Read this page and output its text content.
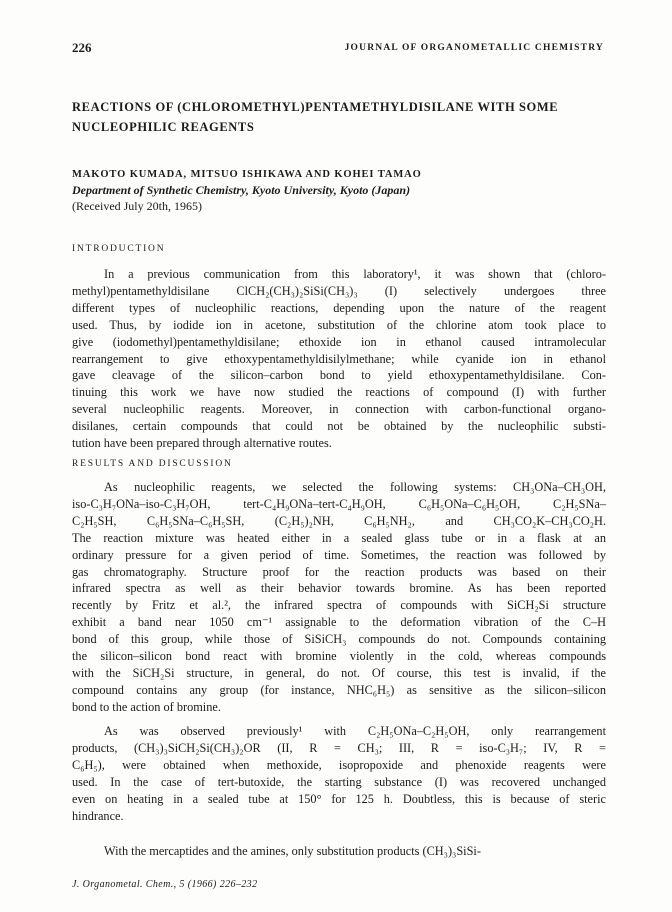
226	JOURNAL OF ORGANOMETALLIC CHEMISTRY
REACTIONS OF (CHLOROMETHYL)PENTAMETHYLDISILANE WITH SOME
NUCLEOPHILIC REAGENTS
MAKOTO KUMADA, MITSUO ISHIKAWA AND KOHEI TAMAO
Department of Synthetic Chemistry, Kyoto University, Kyoto (Japan)
(Received July 20th, 1965)
INTRODUCTION
In a previous communication from this laboratory¹, it was shown that (chloro-
methyl)pentamethyldisilane ClCH₂(CH₃)₂SiSi(CH₃)₃ (I) selectively undergoes three
different types of nucleophilic reactions, depending upon the nature of the reagent
used. Thus, by iodide ion in acetone, substitution of the chlorine atom took place to
give (iodomethyl)pentamethyldisilane; ethoxide ion in ethanol caused intramolecular
rearrangement to give ethoxypentamethyldisilylmethane; while cyanide ion in ethanol
gave cleavage of the silicon–carbon bond to yield ethoxypentamethyldisilane. Con-
tinuing this work we have now studied the reactions of compound (I) with further
several nucleophilic reagents. Moreover, in connection with carbon-functional organo-
disilanes, certain compounds that could not be obtained by the nucleophilic substi-
tution have been prepared through alternative routes.
RESULTS AND DISCUSSION
As nucleophilic reagents, we selected the following systems: CH₃ONa–CH₃OH,
iso-C₃H₇ONa–iso-C₃H₇OH, tert-C₄H₉ONa–tert-C₄H₉OH, C₆H₅ONa–C₆H₅OH, C₂H₅SNa–
C₂H₅SH, C₆H₅SNa–C₆H₅SH, (C₂H₅)₂NH, C₆H₅NH₂, and CH₃CO₂K–CH₃CO₂H.
The reaction mixture was heated either in a sealed glass tube or in a flask at an
ordinary pressure for a given period of time. Sometimes, the reaction was followed by
gas chromatography. Structure proof for the reaction products was based on their
infrared spectra as well as their behavior towards bromine. As has been reported
recently by Fritz et al.², the infrared spectra of compounds with SiCH₂Si structure
exhibit a band near 1050 cm⁻¹ assignable to the deformation vibration of the C–H
bond of this group, while those of SiSiCH₃ compounds do not. Compounds containing
the silicon–silicon bond react with bromine violently in the cold, whereas compounds
with the SiCH₂Si structure, in general, do not. Of course, this test is invalid, if the
compound contains any group (for instance, NHC₆H₅) as sensitive as the silicon–silicon
bond to the action of bromine.
As was observed previously¹ with C₂H₅ONa–C₂H₅OH, only rearrangement
products, (CH₃)₃SiCH₂Si(CH₃)₂OR (II, R = CH₃; III, R = iso-C₃H₇; IV, R =
C₆H₅), were obtained when methoxide, isopropoxide and phenoxide reagents were
used. In the case of tert-butoxide, the starting substance (I) was recovered unchanged
even on heating in a sealed tube at 150° for 125 h. Doubtless, this is because of steric
hindrance.
With the mercaptides and the amines, only substitution products (CH₃)₃SiSi-
J. Organometal. Chem., 5 (1966) 226–232
